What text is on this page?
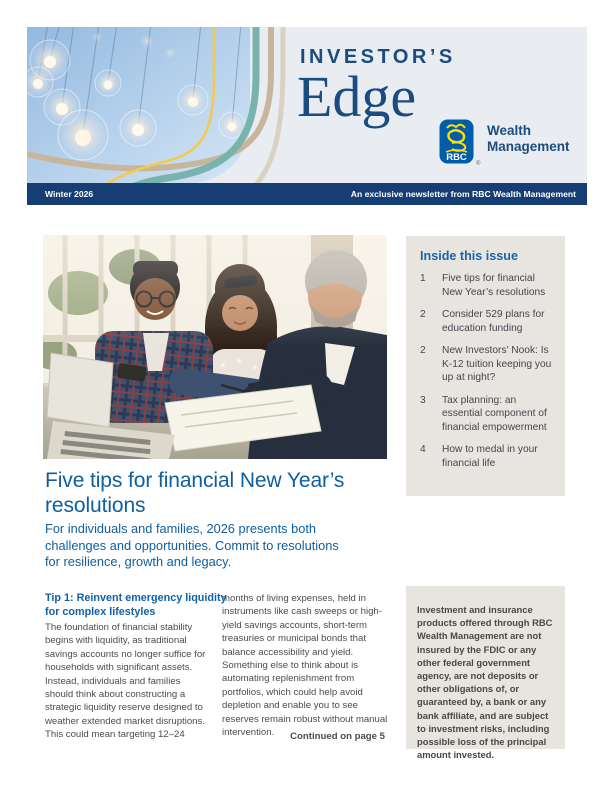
INVESTOR’S
Edge
RBC
Wealth
Management
®
Winter 2026	An exclusive newsletter from RBC Wealth Management
Inside this issue
1	Five tips for financial New Year’s resolutions
2	Consider 529 plans for education funding
2	New Investors’ Nook: Is K-12 tuition keeping you up at night?
3	Tax planning: an essential component of financial empowerment
4	How to medal in your financial life
Five tips for financial New Year’s resolutions
For individuals and families, 2026 presents both challenges and opportunities. Commit to resolutions for resilience, growth and legacy.
Tip 1: Reinvent emergency liquidity for complex lifestyles
The foundation of financial stability begins with liquidity, as traditional savings accounts no longer suffice for households with significant assets. Instead, individuals and families should think about constructing a strategic liquidity reserve designed to weather extended market disruptions. This could mean targeting 12–24
months of living expenses, held in instruments like cash sweeps or high-yield savings accounts, short-term treasuries or municipal bonds that balance accessibility and yield. Something else to think about is automating replenishment from portfolios, which could help avoid depletion and enable you to see reserves remain robust without manual intervention.	Continued on page 5
Investment and insurance products offered through RBC Wealth Management are not insured by the FDIC or any other federal government agency, are not deposits or other obligations of, or guaranteed by, a bank or any bank affiliate, and are subject to investment risks, including possible loss of the principal amount invested.
